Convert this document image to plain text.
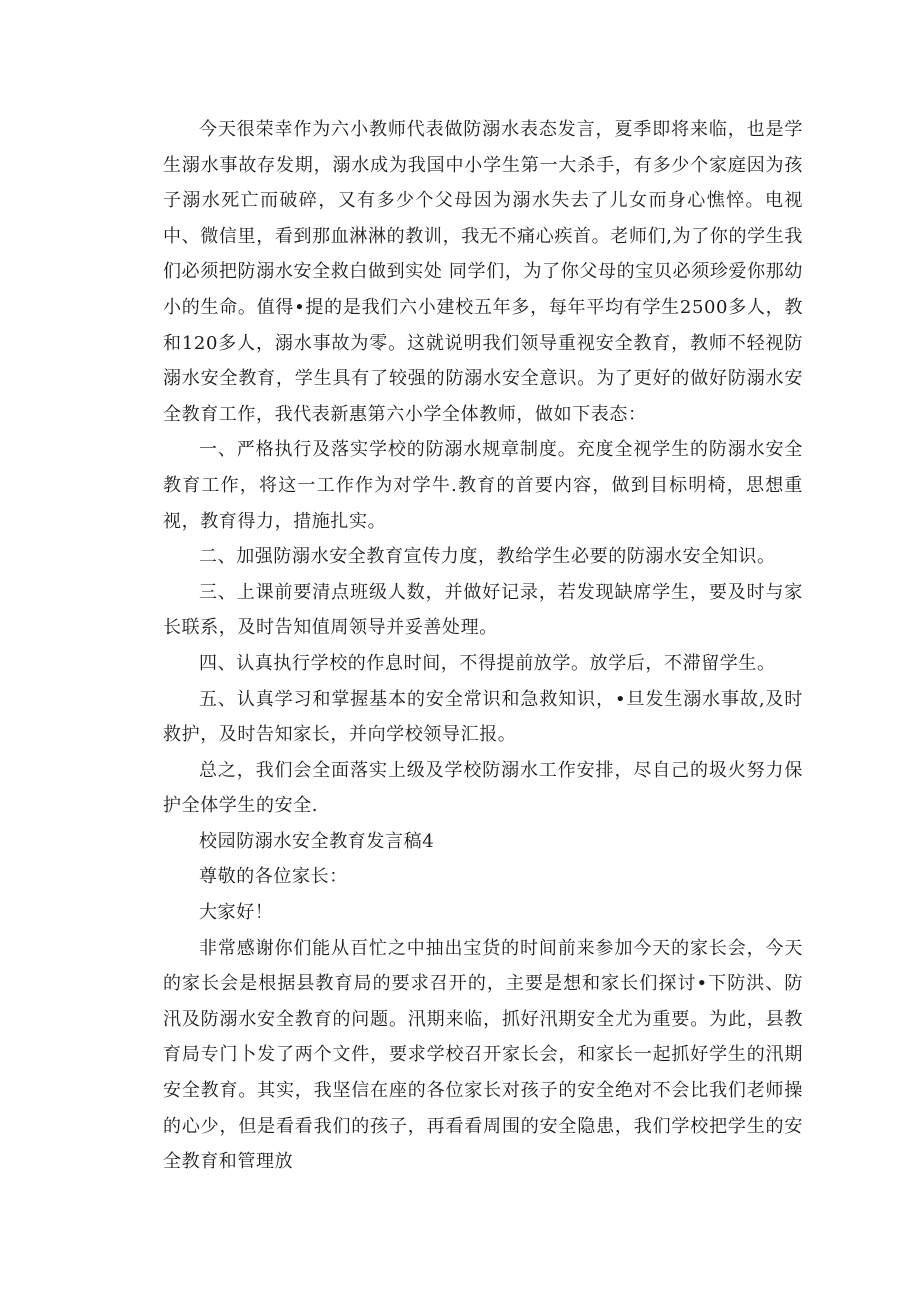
今天很荣幸作为六小教师代表做防溺水表态发言，夏季即将来临，也是学生溺水事故存发期，溺水成为我国中小学生第一大杀手，有多少个家庭因为孩子溺水死亡而破碎，又有多少个父母因为溺水失去了儿女而身心憔悴。电视中、微信里，看到那血淋淋的教训，我无不痛心疾首。老师们,为了你的学生我们必须把防溺水安全救白做到实处 同学们，为了你父母的宝贝必须珍爱你那幼小的生命。值得•提的是我们六小建校五年多，每年平均有学生2500多人，教和120多人，溺水事故为零。这就说明我们领导重视安全教育，教师不轻视防溺水安全教育，学生具有了较强的防溺水安全意识。为了更好的做好防溺水安全教育工作，我代表新惠第六小学全体教师，做如下表态：

一、严格执行及落实学校的防溺水规章制度。充度全视学生的防溺水安全教育工作，将这一工作作为对学牛.教育的首要内容，做到目标明椅，思想重视，教育得力，措施扎实。

二、加强防溺水安全教育宣传力度，教给学生必要的防溺水安全知识。

三、上课前要清点班级人数，并做好记录，若发现缺席学生，要及时与家长联系，及时告知值周领导并妥善处理。

四、认真执行学校的作息时间，不得提前放学。放学后，不滞留学生。

五、认真学习和掌握基本的安全常识和急救知识，•旦发生溺水事故,及时救护，及时告知家长，并向学校领导汇报。

总之，我们会全面落实上级及学校防溺水工作安排，尽自己的圾火努力保护全体学生的安全.

校园防溺水安全教育发言稿4

尊敬的各位家长：

大家好！

非常感谢你们能从百忙之中抽出宝货的时间前来参加今天的家长会，今天的家长会是根据县教育局的要求召开的，主要是想和家长们探讨•下防洪、防汛及防溺水安全教育的问题。汛期来临，抓好汛期安全尤为重要。为此，县教育局专门卜发了两个文件，要求学校召开家长会，和家长一起抓好学生的汛期安全教育。其实，我坚信在座的各位家长对孩子的安全绝对不会比我们老师操的心少，但是看看我们的孩子，再看看周围的安全隐患，我们学校把学生的安全教育和管理放
